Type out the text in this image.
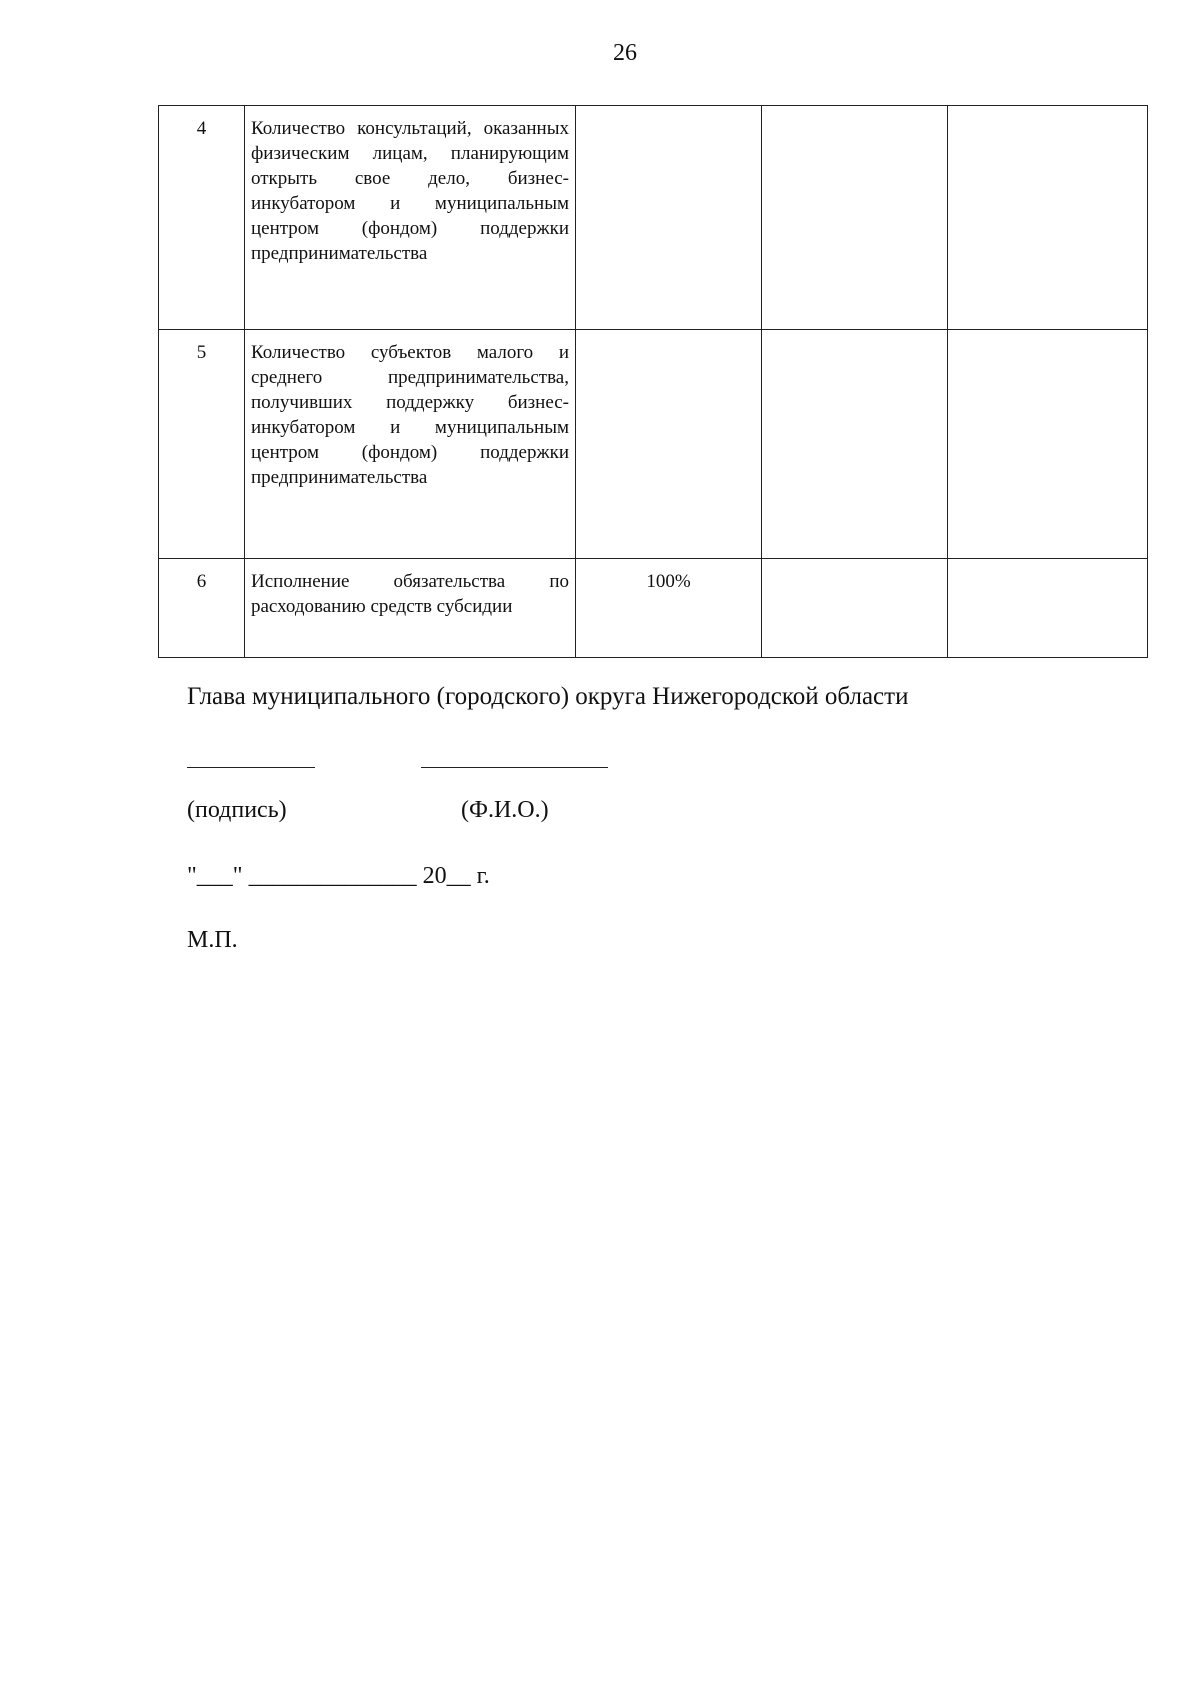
26
4	Количество консультаций, оказанных физическим лицам, планирующим открыть свое дело, бизнес-инкубатором и муниципальным центром (фондом) поддержки предпринимательства			
5	Количество субъектов малого и среднего предпринимательства, получивших поддержку бизнес-инкубатором и муниципальным центром (фондом) поддержки предпринимательства			
6	Исполнение обязательства по расходованию средств субсидии	100%		
Глава муниципального (городского) округа Нижегородской области
(подпись)	(Ф.И.О.)
"___" ______________ 20__ г.
М.П.
